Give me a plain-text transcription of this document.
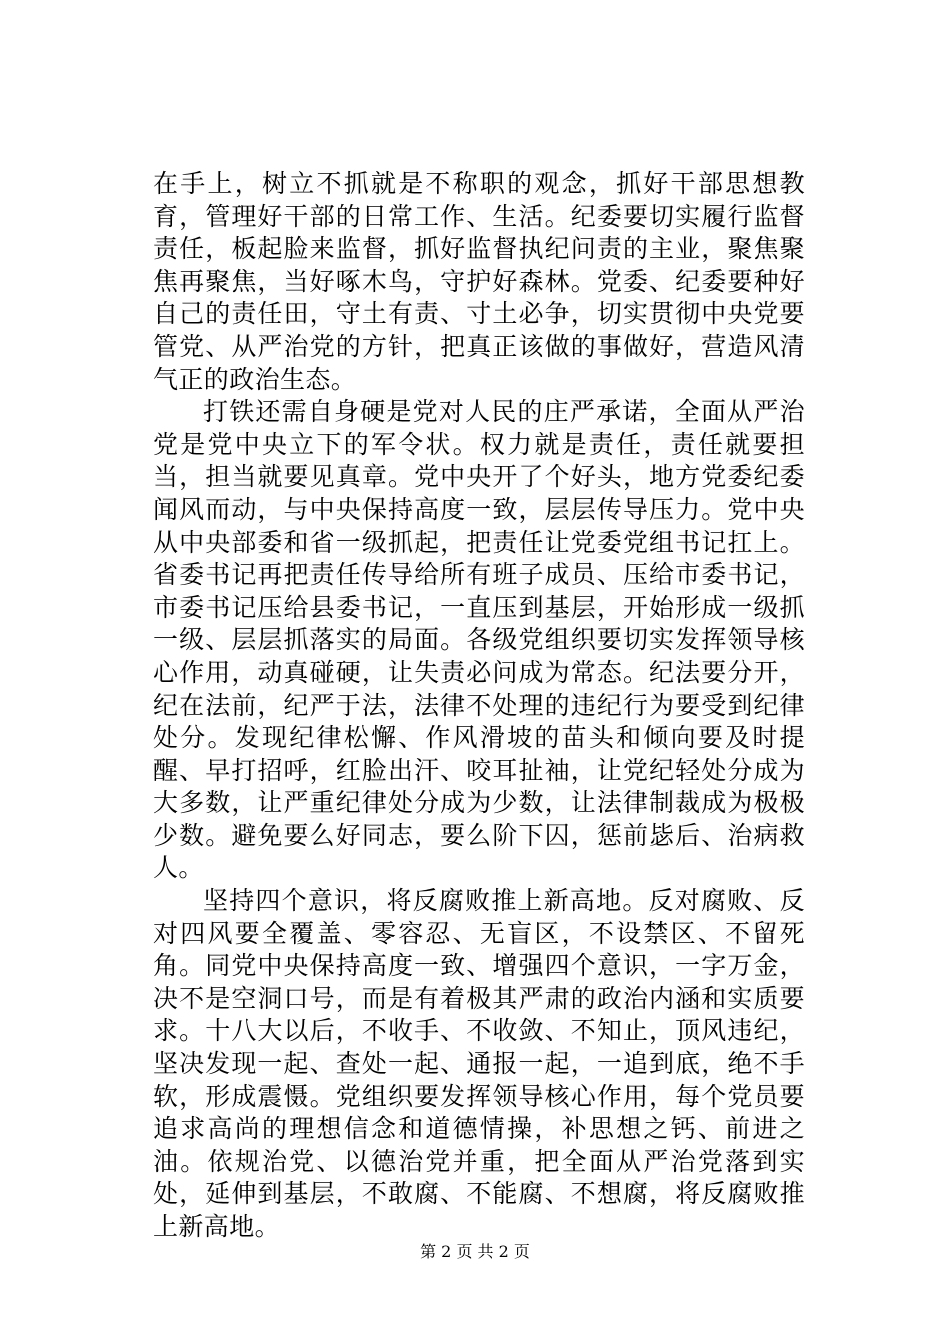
在手上，树立不抓就是不称职的观念，抓好干部思想教育，管理好干部的日常工作、生活。纪委要切实履行监督责任，板起脸来监督，抓好监督执纪问责的主业，聚焦聚焦再聚焦，当好啄木鸟，守护好森林。党委、纪委要种好自己的责任田，守土有责、寸土必争，切实贯彻中央党要管党、从严治党的方针，把真正该做的事做好，营造风清气正的政治生态。

打铁还需自身硬是党对人民的庄严承诺，全面从严治党是党中央立下的军令状。权力就是责任，责任就要担当，担当就要见真章。党中央开了个好头，地方党委纪委闻风而动，与中央保持高度一致，层层传导压力。党中央从中央部委和省一级抓起，把责任让党委党组书记扛上。省委书记再把责任传导给所有班子成员、压给市委书记，市委书记压给县委书记，一直压到基层，开始形成一级抓一级、层层抓落实的局面。各级党组织要切实发挥领导核心作用，动真碰硬，让失责必问成为常态。纪法要分开，纪在法前，纪严于法，法律不处理的违纪行为要受到纪律处分。发现纪律松懈、作风滑坡的苗头和倾向要及时提醒、早打招呼，红脸出汗、咬耳扯袖，让党纪轻处分成为大多数，让严重纪律处分成为少数，让法律制裁成为极极少数。避免要么好同志，要么阶下囚，惩前毖后、治病救人。

坚持四个意识，将反腐败推上新高地。反对腐败、反对四风要全覆盖、零容忍、无盲区，不设禁区、不留死角。同党中央保持高度一致、增强四个意识，一字万金，决不是空洞口号，而是有着极其严肃的政治内涵和实质要求。十八大以后，不收手、不收敛、不知止，顶风违纪，坚决发现一起、查处一起、通报一起，一追到底，绝不手软，形成震慑。党组织要发挥领导核心作用，每个党员要追求高尚的理想信念和道德情操，补思想之钙、前进之油。依规治党、以德治党并重，把全面从严治党落到实处，延伸到基层，不敢腐、不能腐、不想腐，将反腐败推上新高地。

第 2 页 共 2 页
